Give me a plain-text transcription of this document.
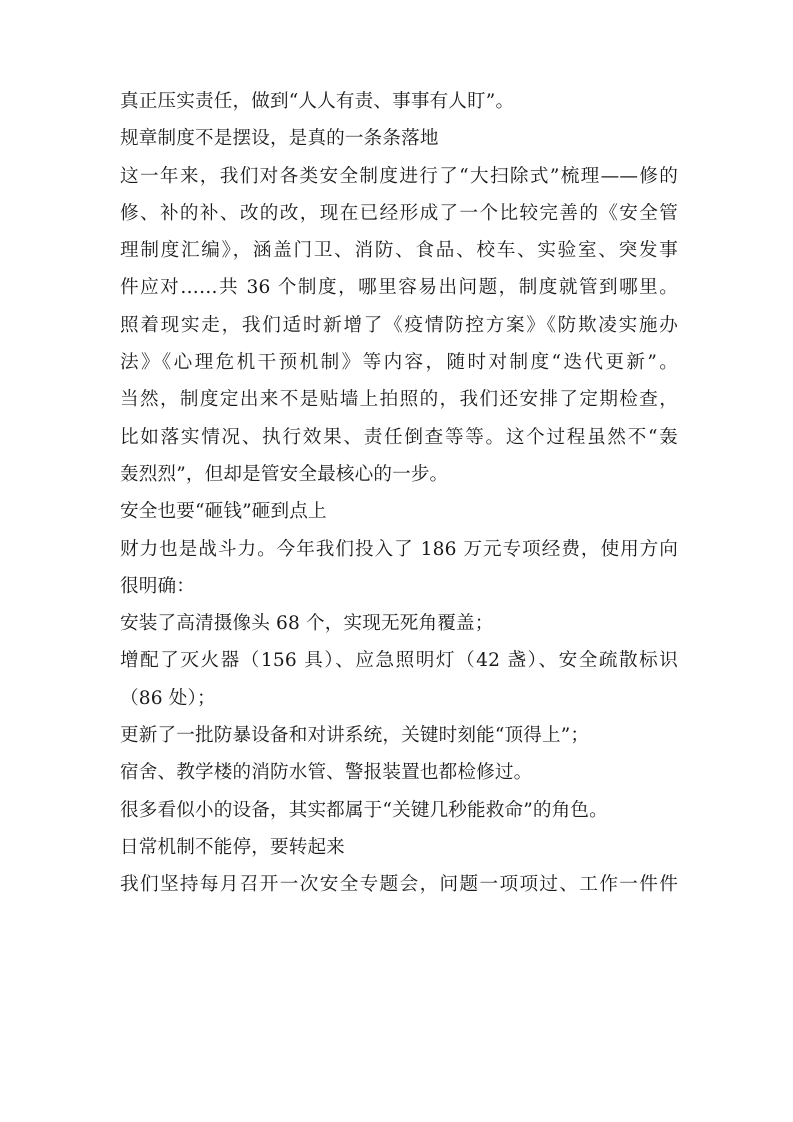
真正压实责任，做到“人人有责、事事有人盯”。
规章制度不是摆设，是真的一条条落地
这一年来，我们对各类安全制度进行了“大扫除式”梳理——修的
修、补的补、改的改，现在已经形成了一个比较完善的《安全管
理制度汇编》，涵盖门卫、消防、食品、校车、实验室、突发事
件应对……共 36 个制度，哪里容易出问题，制度就管到哪里。
照着现实走，我们适时新增了《疫情防控方案》《防欺凌实施办
法》《心理危机干预机制》等内容，随时对制度“迭代更新”。
当然，制度定出来不是贴墙上拍照的，我们还安排了定期检查，
比如落实情况、执行效果、责任倒查等等。这个过程虽然不“轰
轰烈烈”，但却是管安全最核心的一步。
安全也要“砸钱”砸到点上
财力也是战斗力。今年我们投入了 186 万元专项经费，使用方向
很明确：
安装了高清摄像头 68 个，实现无死角覆盖；
增配了灭火器（156 具）、应急照明灯（42 盏）、安全疏散标识
（86 处）；
更新了一批防暴设备和对讲系统，关键时刻能“顶得上”；
宿舍、教学楼的消防水管、警报装置也都检修过。
很多看似小的设备，其实都属于“关键几秒能救命”的角色。
日常机制不能停，要转起来
我们坚持每月召开一次安全专题会，问题一项项过、工作一件件
